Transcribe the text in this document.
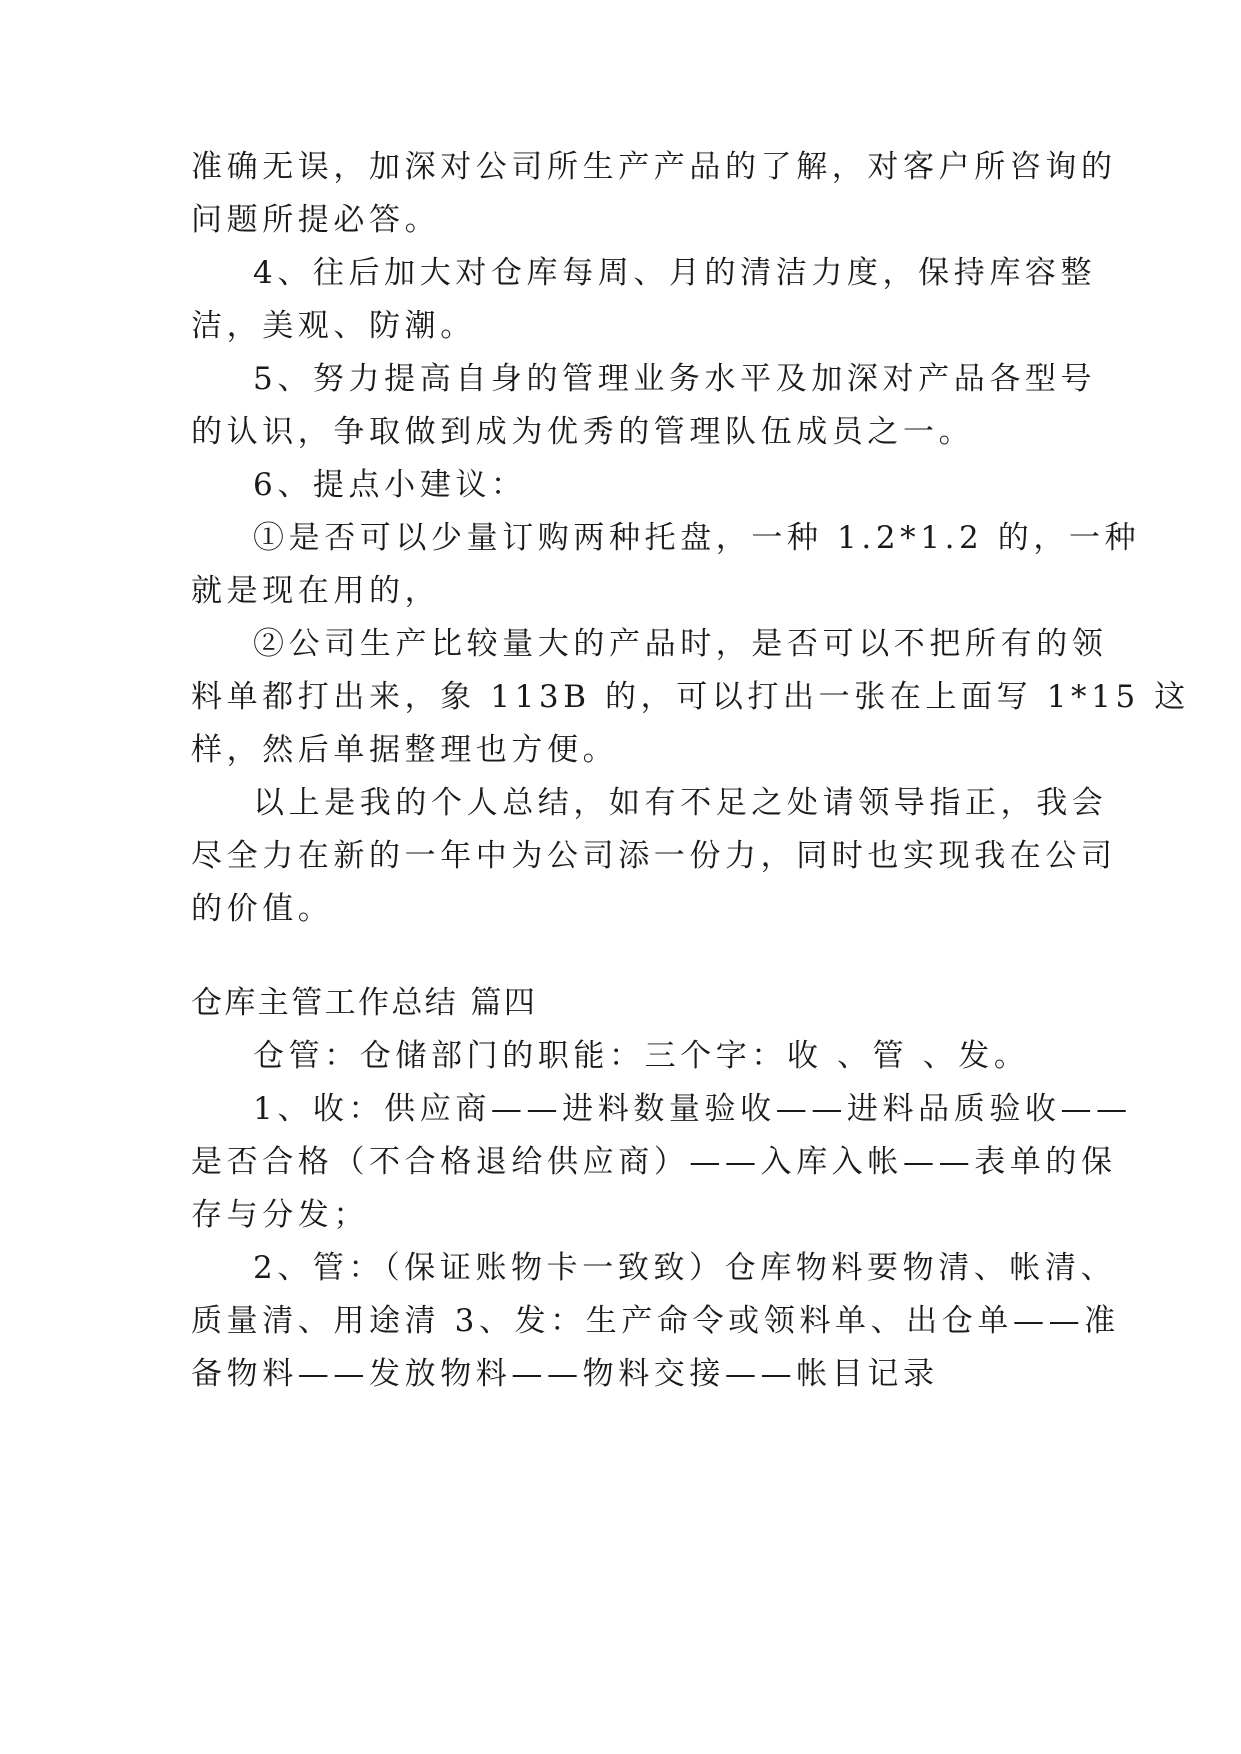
准确无误，加深对公司所生产产品的了解，对客户所咨询的
问题所提必答。
4、往后加大对仓库每周、月的清洁力度，保持库容整
洁，美观、防潮。
5、努力提高自身的管理业务水平及加深对产品各型号
的认识，争取做到成为优秀的管理队伍成员之一。
6、提点小建议：
①是否可以少量订购两种托盘，一种 1.2*1.2 的，一种
就是现在用的，
②公司生产比较量大的产品时，是否可以不把所有的领
料单都打出来，象 113B 的，可以打出一张在上面写 1*15 这
样，然后单据整理也方便。
以上是我的个人总结，如有不足之处请领导指正，我会
尽全力在新的一年中为公司添一份力，同时也实现我在公司
的价值。
仓库主管工作总结 篇四
仓管：仓储部门的职能：三个字：收 、管 、发。
1、收：供应商——进料数量验收——进料品质验收——
是否合格（不合格退给供应商）——入库入帐——表单的保
存与分发；
2、管：（保证账物卡一致致）仓库物料要物清、帐清、
质量清、用途清 3、发：生产命令或领料单、出仓单——准
备物料——发放物料——物料交接——帐目记录
